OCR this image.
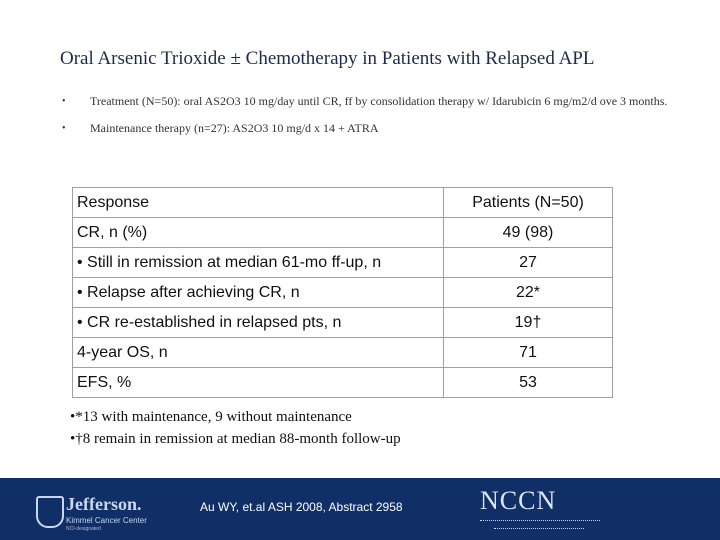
Oral Arsenic Trioxide ± Chemotherapy in Patients with Relapsed APL
•	Treatment (N=50): oral AS2O3 10 mg/day until CR, ff by consolidation therapy w/ Idarubicin 6 mg/m2/d ove 3 months.
•	Maintenance therapy (n=27): AS2O3 10 mg/d x 14 + ATRA
Response	Patients (N=50)
CR, n (%)	49 (98)
• Still in remission at median 61-mo ff-up, n	27
• Relapse after achieving CR, n	22*
• CR re-established in relapsed pts, n	19†
4-year OS, n	71
EFS, %	53
•*13 with maintenance, 9 without maintenance
•†8 remain in remission at median 88-month follow-up
Jefferson.
Kimmel Cancer Center
NCI-designated
Au WY, et.al ASH 2008, Abstract 2958	NCCN
